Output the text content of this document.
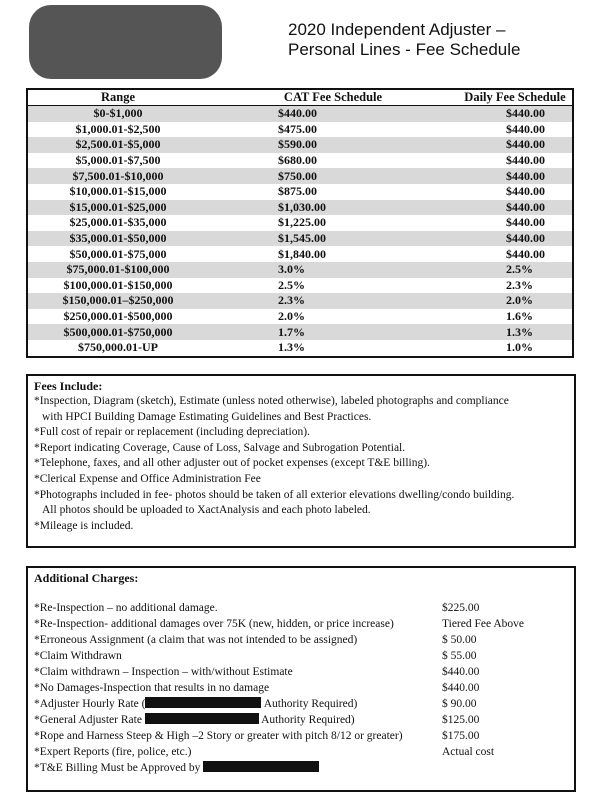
2020 Independent Adjuster –
Personal Lines - Fee Schedule
Range	CAT Fee Schedule	Daily Fee Schedule
$0-$1,000	$440.00	$440.00
$1,000.01-$2,500	$475.00	$440.00
$2,500.01-$5,000	$590.00	$440.00
$5,000.01-$7,500	$680.00	$440.00
$7,500.01-$10,000	$750.00	$440.00
$10,000.01-$15,000	$875.00	$440.00
$15,000.01-$25,000	$1,030.00	$440.00
$25,000.01-$35,000	$1,225.00	$440.00
$35,000.01-$50,000	$1,545.00	$440.00
$50,000.01-$75,000	$1,840.00	$440.00
$75,000.01-$100,000	3.0%	2.5%
$100,000.01-$150,000	2.5%	2.3%
$150,000.01–$250,000	2.3%	2.0%
$250,000.01-$500,000	2.0%	1.6%
$500,000.01-$750,000	1.7%	1.3%
$750,000.01-UP	1.3%	1.0%
Fees Include:
*Inspection, Diagram (sketch), Estimate (unless noted otherwise), labeled photographs and compliance
with HPCI Building Damage Estimating Guidelines and Best Practices.
*Full cost of repair or replacement (including depreciation).
*Report indicating Coverage, Cause of Loss, Salvage and Subrogation Potential.
*Telephone, faxes, and all other adjuster out of pocket expenses (except T&E billing).
*Clerical Expense and Office Administration Fee
*Photographs included in fee- photos should be taken of all exterior elevations dwelling/condo building.
All photos should be uploaded to XactAnalysis and each photo labeled.
*Mileage is included.
Additional Charges:
*Re-Inspection – no additional damage.	$225.00
*Re-Inspection- additional damages over 75K (new, hidden, or price increase)	Tiered Fee Above
*Erroneous Assignment (a claim that was not intended to be assigned)	$ 50.00
*Claim Withdrawn	$ 55.00
*Claim withdrawn – Inspection – with/without Estimate	$440.00
*No Damages-Inspection that results in no damage	$440.00
*Adjuster Hourly Rate (	Authority Required)	$ 90.00
*General Adjuster Rate	Authority Required)	$125.00
*Rope and Harness Steep & High –2 Story or greater with pitch 8/12 or greater)	$175.00
*Expert Reports (fire, police, etc.)	Actual cost
*T&E Billing Must be Approved by
